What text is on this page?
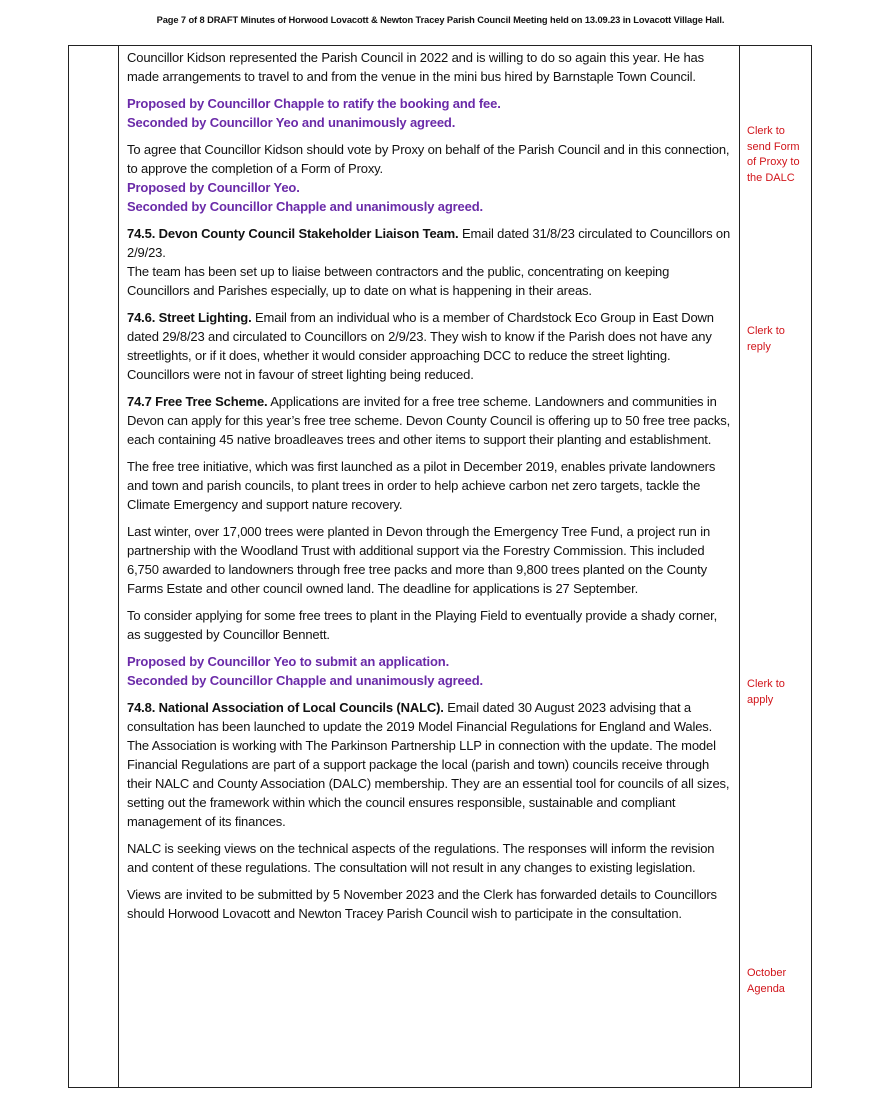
Page 7 of 8 DRAFT Minutes of Horwood Lovacott & Newton Tracey Parish Council Meeting held on 13.09.23 in Lovacott Village Hall.

Councillor Kidson represented the Parish Council in 2022 and is willing to do so again this year. He has made arrangements to travel to and from the venue in the mini bus hired by Barnstaple Town Council.

Proposed by Councillor Chapple to ratify the booking and fee.
Seconded by Councillor Yeo and unanimously agreed.

To agree that Councillor Kidson should vote by Proxy on behalf of the Parish Council and in this connection, to approve the completion of a Form of Proxy.

Proposed by Councillor Yeo.
Seconded by Councillor Chapple and unanimously agreed.

74.5. Devon County Council Stakeholder Liaison Team. Email dated 31/8/23 circulated to Councillors on 2/9/23.
The team has been set up to liaise between contractors and the public, concentrating on keeping Councillors and Parishes especially, up to date on what is happening in their areas.

74.6. Street Lighting. Email from an individual who is a member of Chardstock Eco Group in East Down dated 29/8/23 and circulated to Councillors on 2/9/23. They wish to know if the Parish does not have any streetlights, or if it does, whether it would consider approaching DCC to reduce the street lighting.
Councillors were not in favour of street lighting being reduced.

74.7 Free Tree Scheme. Applications are invited for a free tree scheme. Landowners and communities in Devon can apply for this year’s free tree scheme. Devon County Council is offering up to 50 free tree packs, each containing 45 native broadleaves trees and other items to support their planting and establishment.

The free tree initiative, which was first launched as a pilot in December 2019, enables private landowners and town and parish councils, to plant trees in order to help achieve carbon net zero targets, tackle the Climate Emergency and support nature recovery.

Last winter, over 17,000 trees were planted in Devon through the Emergency Tree Fund, a project run in partnership with the Woodland Trust with additional support via the Forestry Commission. This included 6,750 awarded to landowners through free tree packs and more than 9,800 trees planted on the County Farms Estate and other council owned land. The deadline for applications is 27 September.

To consider applying for some free trees to plant in the Playing Field to eventually provide a shady corner, as suggested by Councillor Bennett.

Proposed by Councillor Yeo to submit an application.
Seconded by Councillor Chapple and unanimously agreed.

74.8. National Association of Local Councils (NALC). Email dated 30 August 2023 advising that a consultation has been launched to update the 2019 Model Financial Regulations for England and Wales.
The Association is working with The Parkinson Partnership LLP in connection with the update. The model Financial Regulations are part of a support package the local (parish and town) councils receive through their NALC and County Association (DALC) membership. They are an essential tool for councils of all sizes, setting out the framework within which the council ensures responsible, sustainable and compliant management of its finances.

NALC is seeking views on the technical aspects of the regulations. The responses will inform the revision and content of these regulations. The consultation will not result in any changes to existing legislation.

Views are invited to be submitted by 5 November 2023 and the Clerk has forwarded details to Councillors should Horwood Lovacott and Newton Tracey Parish Council wish to participate in the consultation.

Clerk to send Form of Proxy to the DALC
Clerk to reply
Clerk to apply
October Agenda
